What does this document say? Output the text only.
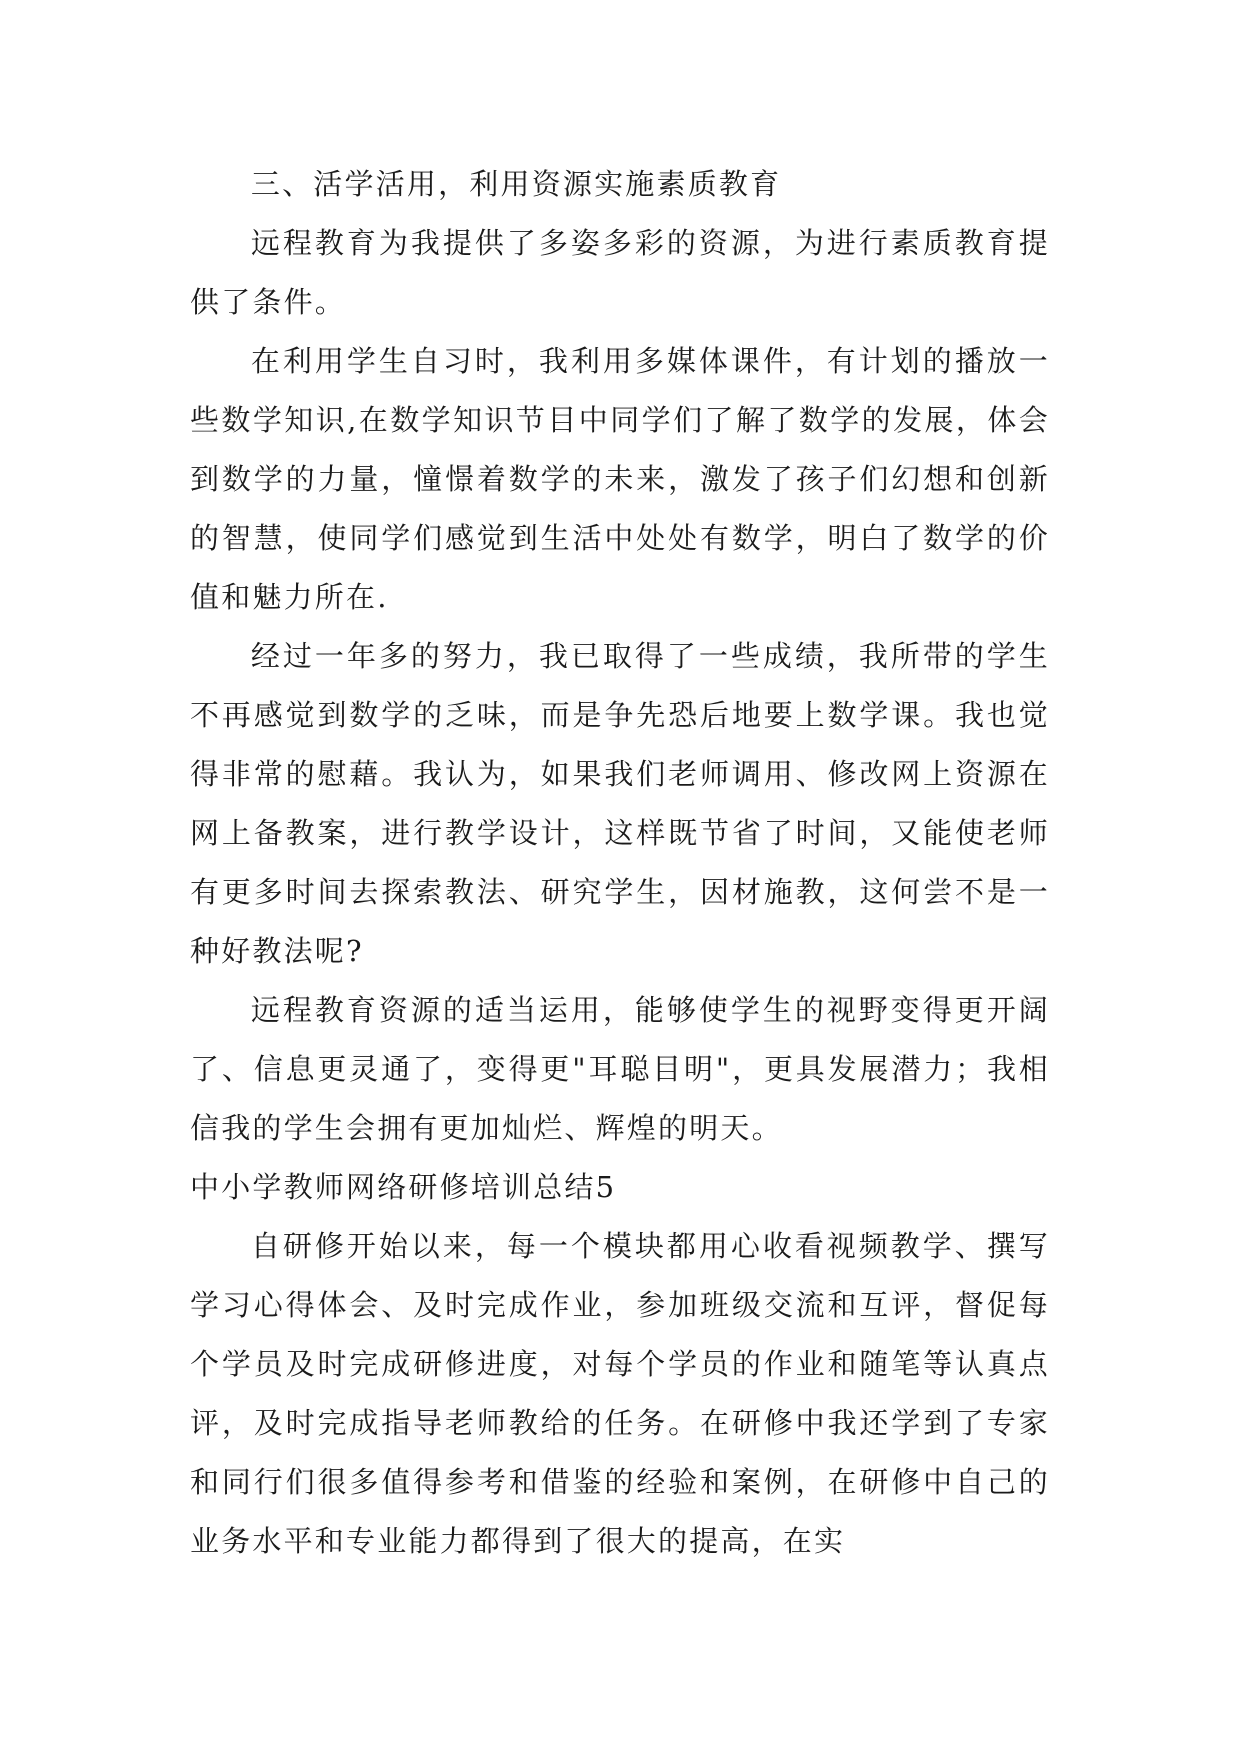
三、活学活用，利用资源实施素质教育

远程教育为我提供了多姿多彩的资源，为进行素质教育提供了条件。

在利用学生自习时，我利用多媒体课件，有计划的播放一些数学知识,在数学知识节目中同学们了解了数学的发展，体会到数学的力量，憧憬着数学的未来，激发了孩子们幻想和创新的智慧，使同学们感觉到生活中处处有数学，明白了数学的价值和魅力所在.

经过一年多的努力，我已取得了一些成绩，我所带的学生不再感觉到数学的乏味，而是争先恐后地要上数学课。我也觉得非常的慰藉。我认为，如果我们老师调用、修改网上资源在网上备教案，进行教学设计，这样既节省了时间，又能使老师有更多时间去探索教法、研究学生，因材施教，这何尝不是一种好教法呢?

远程教育资源的适当运用，能够使学生的视野变得更开阔了、信息更灵通了，变得更"耳聪目明"，更具发展潜力；我相信我的学生会拥有更加灿烂、辉煌的明天。

中小学教师网络研修培训总结5

自研修开始以来，每一个模块都用心收看视频教学、撰写学习心得体会、及时完成作业，参加班级交流和互评，督促每个学员及时完成研修进度，对每个学员的作业和随笔等认真点评，及时完成指导老师教给的任务。在研修中我还学到了专家和同行们很多值得参考和借鉴的经验和案例，在研修中自己的业务水平和专业能力都得到了很大的提高，在实
